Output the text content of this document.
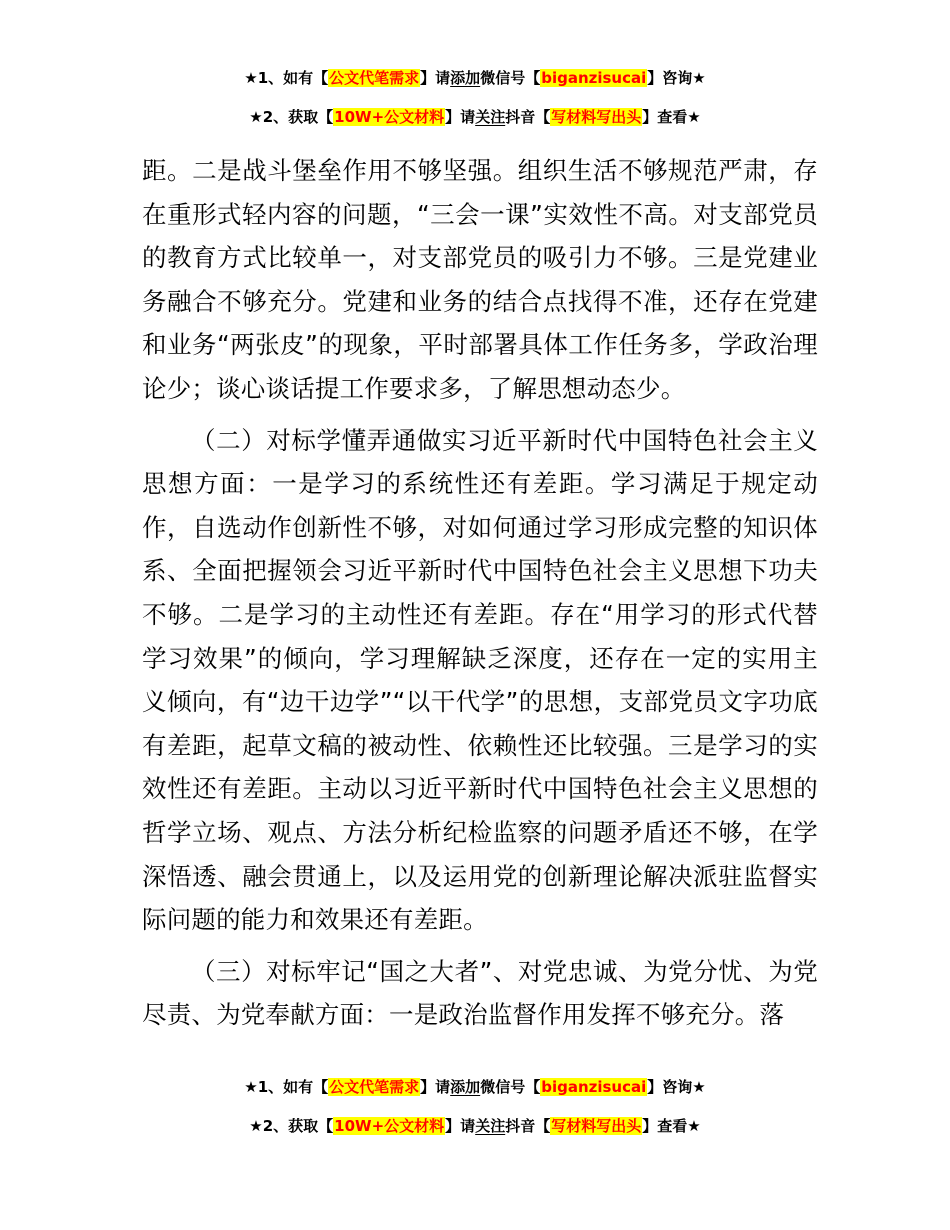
★1、如有【公文代笔需求】请添加微信号【biganzisucai】咨询★
★2、获取【10W+公文材料】请关注抖音【写材料写出头】查看★

距。二是战斗堡垒作用不够坚强。组织生活不够规范严肃，存在重形式轻内容的问题，“三会一课”实效性不高。对支部党员的教育方式比较单一，对支部党员的吸引力不够。三是党建业务融合不够充分。党建和业务的结合点找得不准，还存在党建和业务“两张皮”的现象，平时部署具体工作任务多，学政治理论少；谈心谈话提工作要求多，了解思想动态少。

（二）对标学懂弄通做实习近平新时代中国特色社会主义思想方面：一是学习的系统性还有差距。学习满足于规定动作，自选动作创新性不够，对如何通过学习形成完整的知识体系、全面把握领会习近平新时代中国特色社会主义思想下功夫不够。二是学习的主动性还有差距。存在“用学习的形式代替学习效果”的倾向，学习理解缺乏深度，还存在一定的实用主义倾向，有“边干边学”“以干代学”的思想，支部党员文字功底有差距，起草文稿的被动性、依赖性还比较强。三是学习的实效性还有差距。主动以习近平新时代中国特色社会主义思想的哲学立场、观点、方法分析纪检监察的问题矛盾还不够，在学深悟透、融会贯通上，以及运用党的创新理论解决派驻监督实际问题的能力和效果还有差距。

（三）对标牢记“国之大者”、对党忠诚、为党分忧、为党尽责、为党奉献方面：一是政治监督作用发挥不够充分。落

★1、如有【公文代笔需求】请添加微信号【biganzisucai】咨询★
★2、获取【10W+公文材料】请关注抖音【写材料写出头】查看★
